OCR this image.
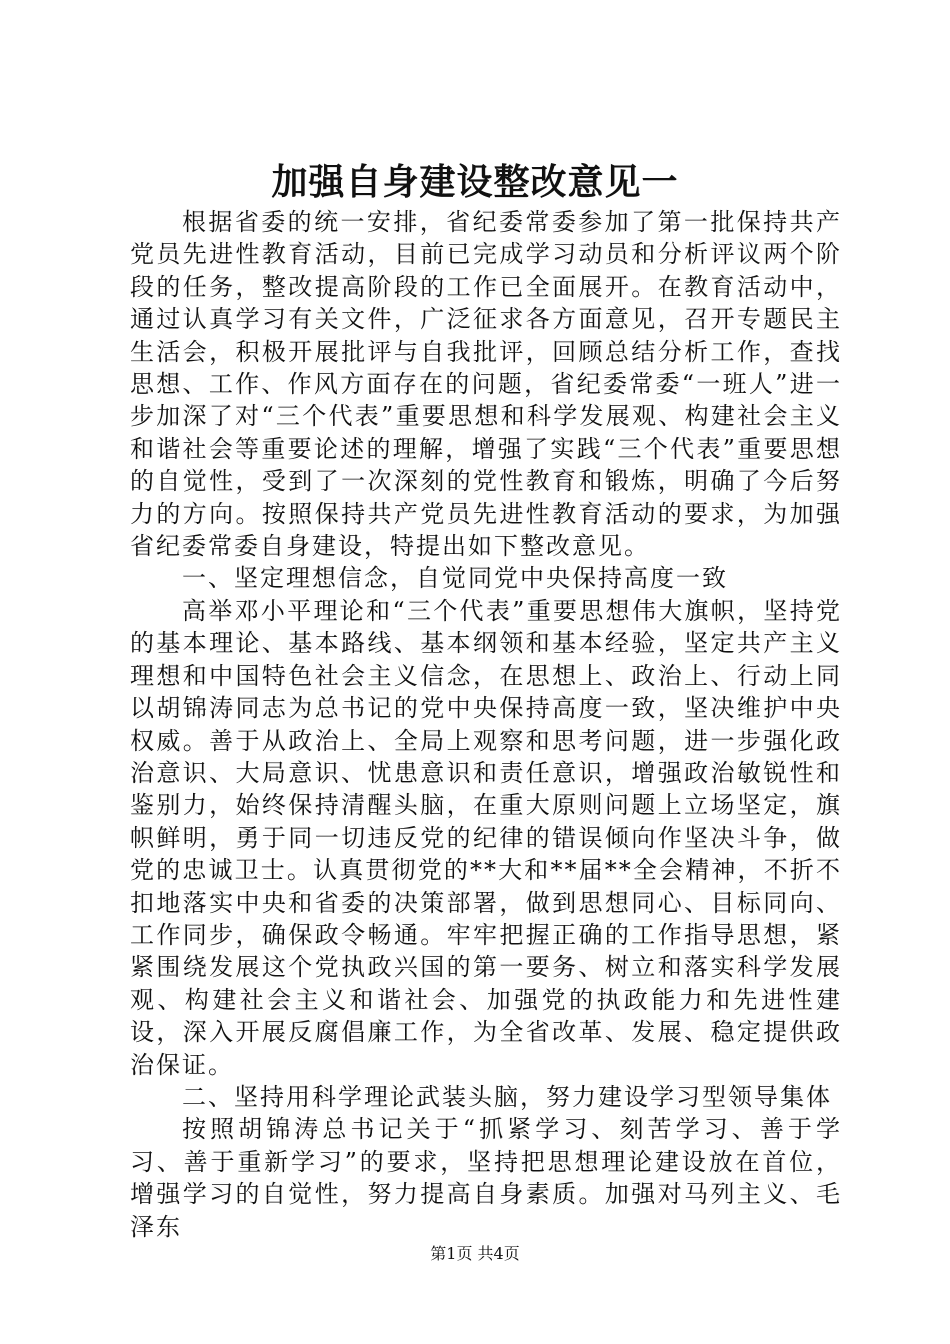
加强自身建设整改意见一

根据省委的统一安排，省纪委常委参加了第一批保持共产党员先进性教育活动，目前已完成学习动员和分析评议两个阶段的任务，整改提高阶段的工作已全面展开。在教育活动中，通过认真学习有关文件，广泛征求各方面意见，召开专题民主生活会，积极开展批评与自我批评，回顾总结分析工作，查找思想、工作、作风方面存在的问题，省纪委常委“一班人”进一步加深了对“三个代表”重要思想和科学发展观、构建社会主义和谐社会等重要论述的理解，增强了实践“三个代表”重要思想的自觉性，受到了一次深刻的党性教育和锻炼，明确了今后努力的方向。按照保持共产党员先进性教育活动的要求，为加强省纪委常委自身建设，特提出如下整改意见。

一、坚定理想信念，自觉同党中央保持高度一致

高举邓小平理论和“三个代表”重要思想伟大旗帜，坚持党的基本理论、基本路线、基本纲领和基本经验，坚定共产主义理想和中国特色社会主义信念，在思想上、政治上、行动上同以胡锦涛同志为总书记的党中央保持高度一致，坚决维护中央权威。善于从政治上、全局上观察和思考问题，进一步强化政治意识、大局意识、忧患意识和责任意识，增强政治敏锐性和鉴别力，始终保持清醒头脑，在重大原则问题上立场坚定，旗帜鲜明，勇于同一切违反党的纪律的错误倾向作坚决斗争，做党的忠诚卫士。认真贯彻党的**大和**届**全会精神，不折不扣地落实中央和省委的决策部署，做到思想同心、目标同向、工作同步，确保政令畅通。牢牢把握正确的工作指导思想，紧紧围绕发展这个党执政兴国的第一要务、树立和落实科学发展观、构建社会主义和谐社会、加强党的执政能力和先进性建设，深入开展反腐倡廉工作，为全省改革、发展、稳定提供政治保证。

二、坚持用科学理论武装头脑，努力建设学习型领导集体

按照胡锦涛总书记关于“抓紧学习、刻苦学习、善于学习、善于重新学习”的要求，坚持把思想理论建设放在首位，增强学习的自觉性，努力提高自身素质。加强对马列主义、毛泽东

第1页 共4页
